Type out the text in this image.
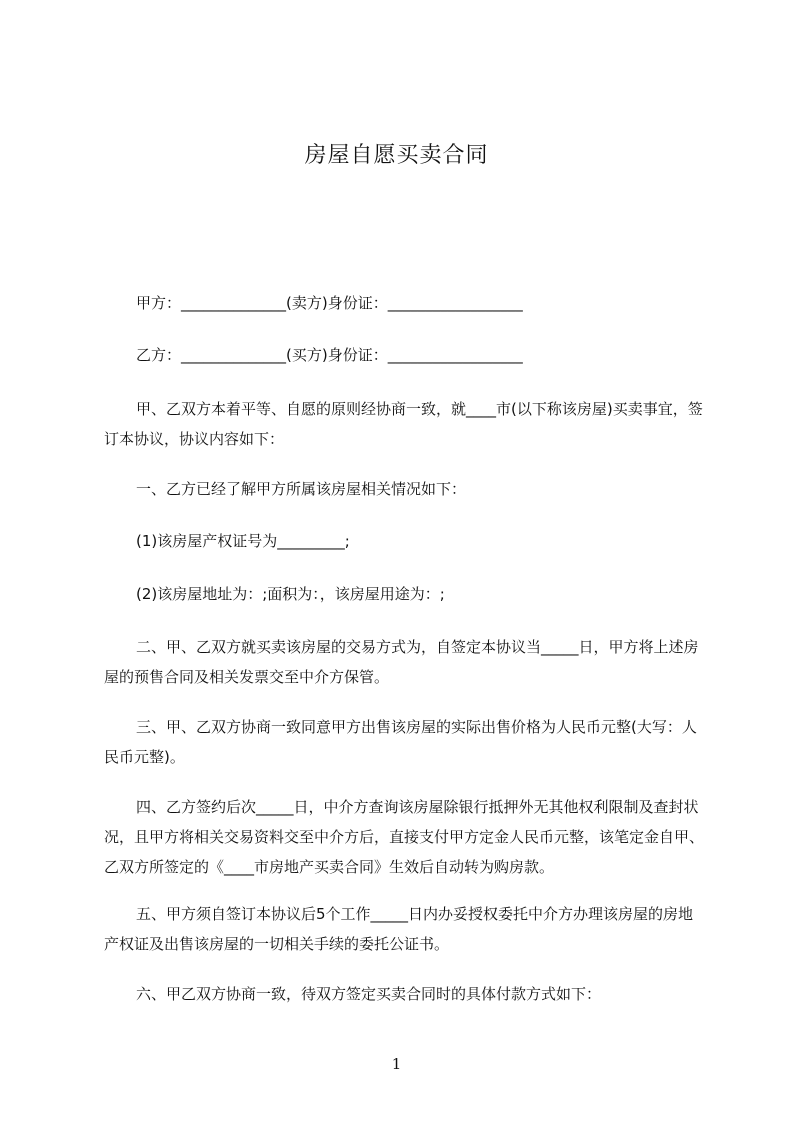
房屋自愿买卖合同

甲方：______________(卖方)身份证：__________________

乙方：______________(买方)身份证：__________________

甲、乙双方本着平等、自愿的原则经协商一致，就____市(以下称该房屋)买卖事宜，签订本协议，协议内容如下：

一、乙方已经了解甲方所属该房屋相关情况如下：

(1)该房屋产权证号为_________;

(2)该房屋地址为：;面积为：，该房屋用途为：;

二、甲、乙双方就买卖该房屋的交易方式为，自签定本协议当_____日，甲方将上述房屋的预售合同及相关发票交至中介方保管。

三、甲、乙双方协商一致同意甲方出售该房屋的实际出售价格为人民币元整(大写：人民币元整)。

四、乙方签约后次_____日，中介方查询该房屋除银行抵押外无其他权利限制及查封状况，且甲方将相关交易资料交至中介方后，直接支付甲方定金人民币元整，该笔定金自甲、乙双方所签定的《____市房地产买卖合同》生效后自动转为购房款。

五、甲方须自签订本协议后5个工作_____日内办妥授权委托中介方办理该房屋的房地产权证及出售该房屋的一切相关手续的委托公证书。

六、甲乙双方协商一致，待双方签定买卖合同时的具体付款方式如下：

1
